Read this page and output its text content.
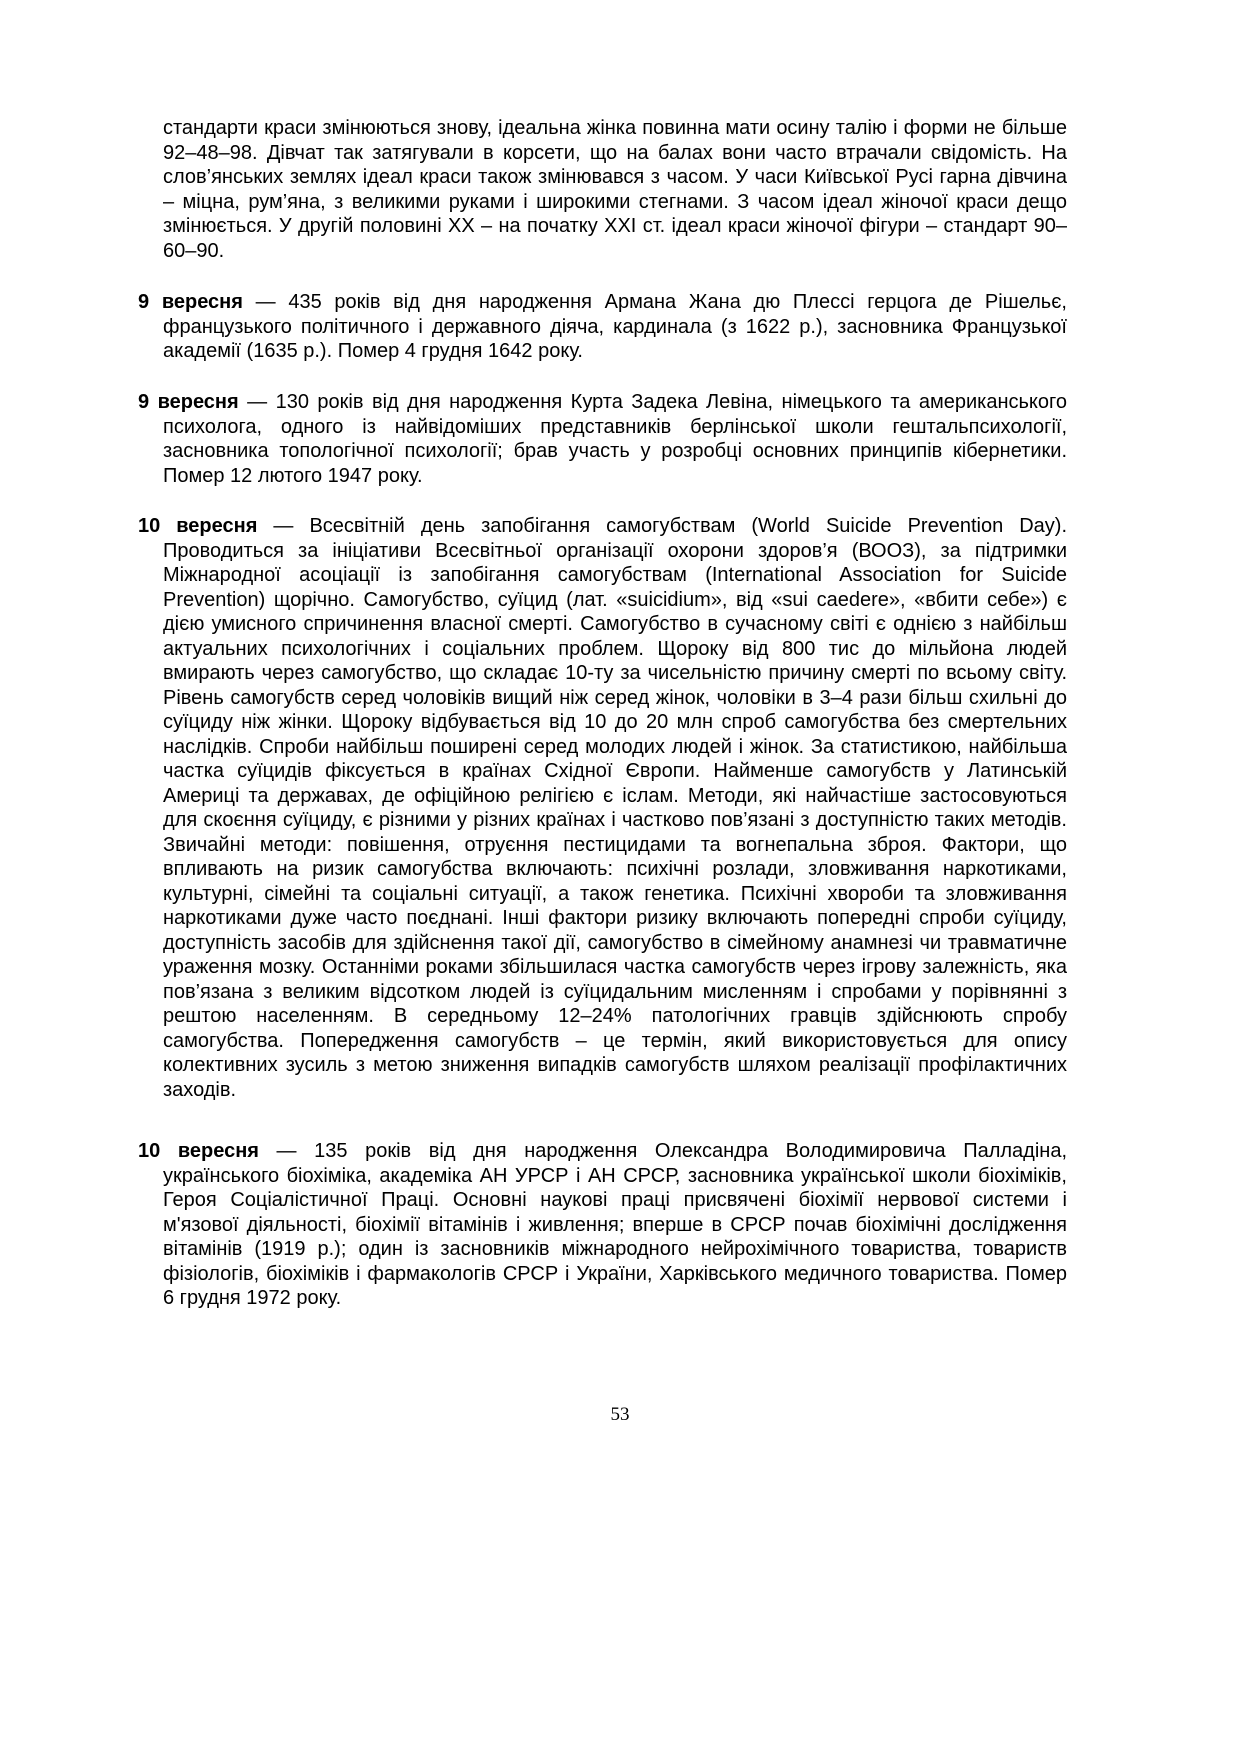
стандарти краси змінюються знову, ідеальна жінка повинна мати осину талію і форми не більше 92–48–98. Дівчат так затягували в корсети, що на балах вони часто втрачали свідомість. На слов’янських землях ідеал краси також змінювався з часом. У часи Київської Русі гарна дівчина – міцна, рум’яна, з великими руками і широкими стегнами. З часом ідеал жіночої краси дещо змінюється. У другій половині ХХ – на початку ХХІ ст. ідеал краси жіночої фігури – стандарт 90–60–90.

9 вересня — 435 років від дня народження Армана Жана дю Плессі герцога де Рішельє, французького політичного і державного діяча, кардинала (з 1622 р.), засновника Французької академії (1635 р.). Помер 4 грудня 1642 року.

9 вересня — 130 років від дня народження Курта Задека Левіна, німецького та американського психолога, одного із найвідоміших представників берлінської школи гештальпсихології, засновника топологічної психології; брав участь у розробці основних принципів кібернетики. Помер 12 лютого 1947 року.

10 вересня — Всесвітній день запобігання самогубствам (World Suicide Prevention Day). Проводиться за ініціативи Всесвітньої організації охорони здоров’я (ВООЗ), за підтримки Міжнародної асоціації із запобігання самогубствам (International Association for Suicide Prevention) щорічно. Самогубство, суїцид (лат. «suicidium», від «sui caedere», «вбити себе») є дією умисного спричинення власної смерті. Самогубство в сучасному світі є однією з найбільш актуальних психологічних і соціальних проблем. Щороку від 800 тис до мільйона людей вмирають через самогубство, що складає 10-ту за чисельністю причину смерті по всьому світу. Рівень самогубств серед чоловіків вищий ніж серед жінок, чоловіки в 3–4 рази більш схильні до суїциду ніж жінки. Щороку відбувається від 10 до 20 млн спроб самогубства без смертельних наслідків. Спроби найбільш поширені серед молодих людей і жінок. За статистикою, найбільша частка суїцидів фіксується в країнах Східної Європи. Найменше самогубств у Латинській Америці та державах, де офіційною релігією є іслам. Методи, які найчастіше застосовуються для скоєння суїциду, є різними у різних країнах і частково пов’язані з доступністю таких методів. Звичайні методи: повішення, отруєння пестицидами та вогнепальна зброя. Фактори, що впливають на ризик самогубства включають: психічні розлади, зловживання наркотиками, культурні, сімейні та соціальні ситуації, а також генетика. Психічні хвороби та зловживання наркотиками дуже часто поєднані. Інші фактори ризику включають попередні спроби суїциду, доступність засобів для здійснення такої дії, самогубство в сімейному анамнезі чи травматичне ураження мозку. Останніми роками збільшилася частка самогубств через ігрову залежність, яка пов’язана з великим відсотком людей із суїцидальним мисленням і спробами у порівнянні з рештою населенням. В середньому 12–24% патологічних гравців здійснюють спробу самогубства. Попередження самогубств – це термін, який використовується для опису колективних зусиль з метою зниження випадків самогубств шляхом реалізації профілактичних заходів.

10 вересня — 135 років від дня народження Олександра Володимировича Палладіна, українського біохіміка, академіка АН УРСР і АН СРСР, засновника української школи біохіміків, Героя Соціалістичної Праці. Основні наукові праці присвячені біохімії нервової системи і м'язової діяльності, біохімії вітамінів і живлення; вперше в СРСР почав біохімічні дослідження вітамінів (1919 р.); один із засновників міжнародного нейрохімічного товариства, товариств фізіологів, біохіміків і фармакологів СРСР і України, Харківського медичного товариства. Помер 6 грудня 1972 року.

53
